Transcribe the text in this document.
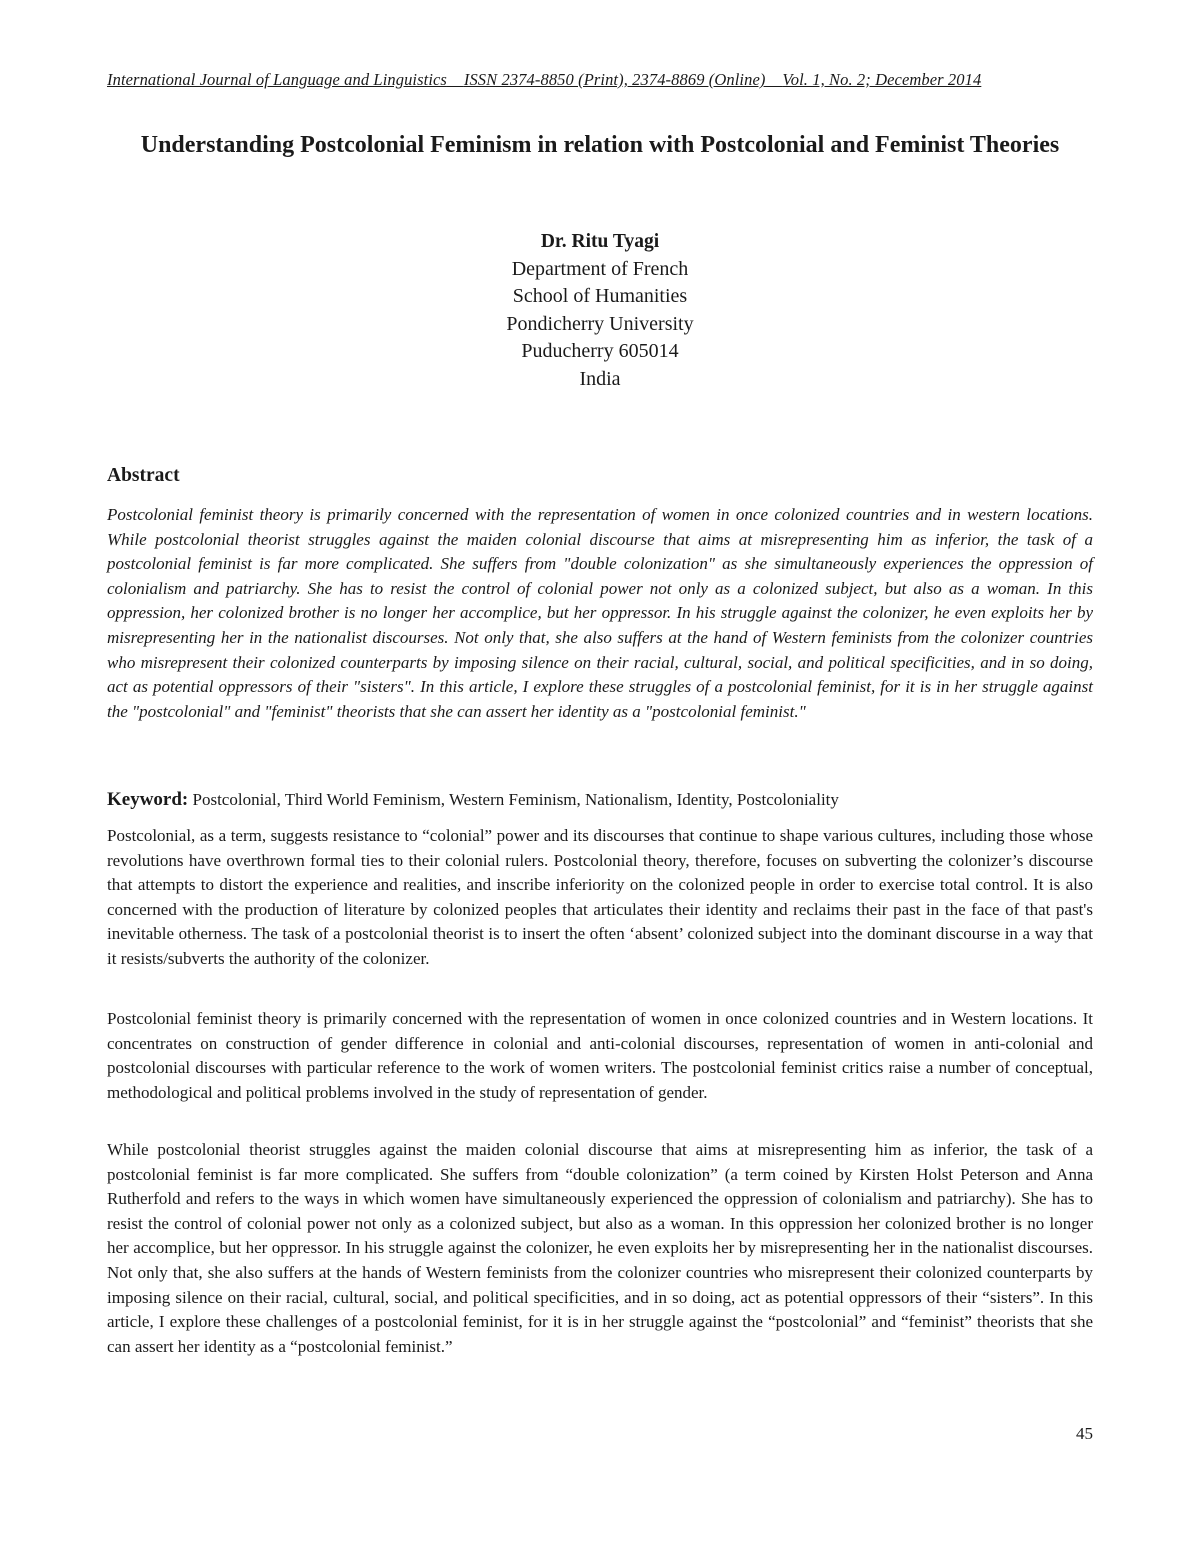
International Journal of Language and Linguistics ISSN 2374-8850 (Print), 2374-8869 (Online) Vol. 1, No. 2; December 2014
Understanding Postcolonial Feminism in relation with Postcolonial and Feminist Theories
Dr. Ritu Tyagi
Department of French
School of Humanities
Pondicherry University
Puducherry 605014
India
Abstract
Postcolonial feminist theory is primarily concerned with the representation of women in once colonized countries and in western locations. While postcolonial theorist struggles against the maiden colonial discourse that aims at misrepresenting him as inferior, the task of a postcolonial feminist is far more complicated. She suffers from "double colonization" as she simultaneously experiences the oppression of colonialism and patriarchy. She has to resist the control of colonial power not only as a colonized subject, but also as a woman. In this oppression, her colonized brother is no longer her accomplice, but her oppressor. In his struggle against the colonizer, he even exploits her by misrepresenting her in the nationalist discourses. Not only that, she also suffers at the hand of Western feminists from the colonizer countries who misrepresent their colonized counterparts by imposing silence on their racial, cultural, social, and political specificities, and in so doing, act as potential oppressors of their "sisters". In this article, I explore these struggles of a postcolonial feminist, for it is in her struggle against the "postcolonial" and "feminist" theorists that she can assert her identity as a "postcolonial feminist."
Keyword: Postcolonial, Third World Feminism, Western Feminism, Nationalism, Identity, Postcoloniality

Postcolonial, as a term, suggests resistance to “colonial” power and its discourses that continue to shape various cultures, including those whose revolutions have overthrown formal ties to their colonial rulers. Postcolonial theory, therefore, focuses on subverting the colonizer’s discourse that attempts to distort the experience and realities, and inscribe inferiority on the colonized people in order to exercise total control. It is also concerned with the production of literature by colonized peoples that articulates their identity and reclaims their past in the face of that past's inevitable otherness. The task of a postcolonial theorist is to insert the often ‘absent’ colonized subject into the dominant discourse in a way that it resists/subverts the authority of the colonizer.

Postcolonial feminist theory is primarily concerned with the representation of women in once colonized countries and in Western locations. It concentrates on construction of gender difference in colonial and anti-colonial discourses, representation of women in anti-colonial and postcolonial discourses with particular reference to the work of women writers. The postcolonial feminist critics raise a number of conceptual, methodological and political problems involved in the study of representation of gender.

While postcolonial theorist struggles against the maiden colonial discourse that aims at misrepresenting him as inferior, the task of a postcolonial feminist is far more complicated. She suffers from “double colonization” (a term coined by Kirsten Holst Peterson and Anna Rutherfold and refers to the ways in which women have simultaneously experienced the oppression of colonialism and patriarchy). She has to resist the control of colonial power not only as a colonized subject, but also as a woman. In this oppression her colonized brother is no longer her accomplice, but her oppressor. In his struggle against the colonizer, he even exploits her by misrepresenting her in the nationalist discourses. Not only that, she also suffers at the hands of Western feminists from the colonizer countries who misrepresent their colonized counterparts by imposing silence on their racial, cultural, social, and political specificities, and in so doing, act as potential oppressors of their “sisters”. In this article, I explore these challenges of a postcolonial feminist, for it is in her struggle against the “postcolonial” and “feminist” theorists that she can assert her identity as a “postcolonial feminist.”

45
